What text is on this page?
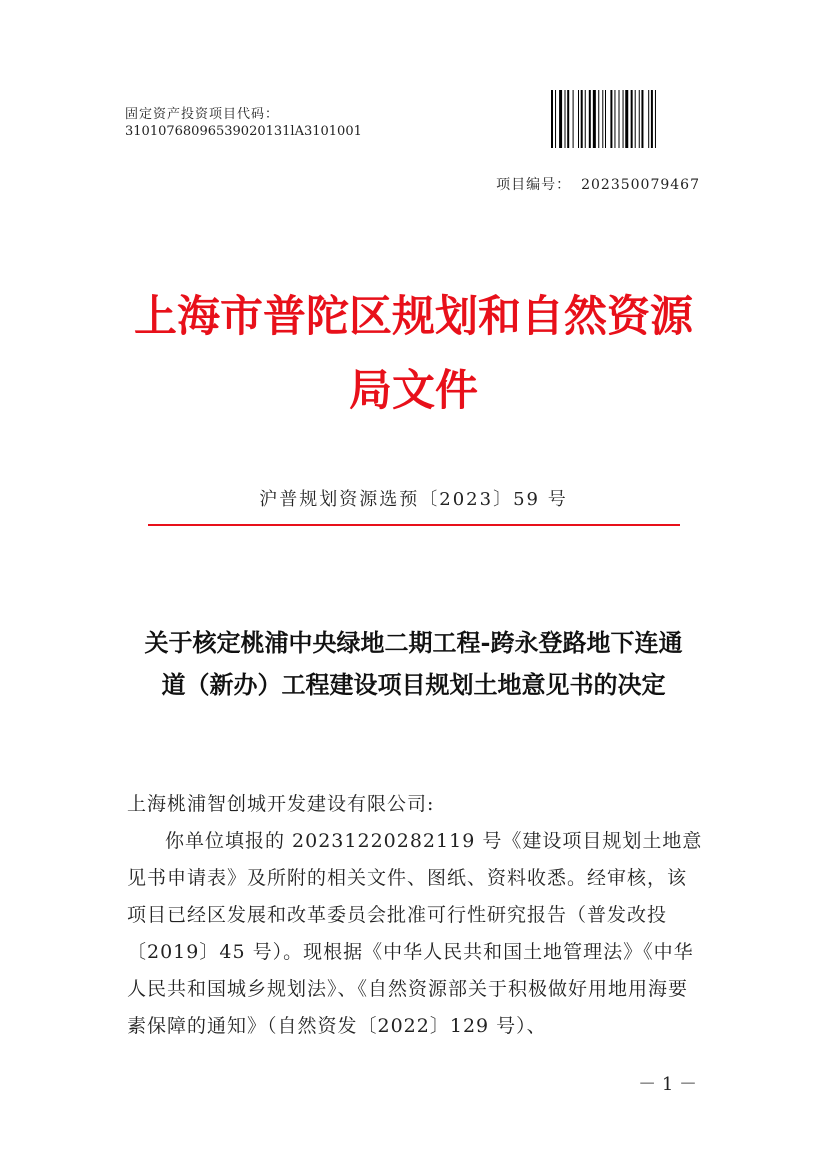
固定资产投资项目代码：
31010768096539020131lA3101001
项目编号： 202350079467
上海市普陀区规划和自然资源
局文件
沪普规划资源选预〔2023〕59 号
关于核定桃浦中央绿地二期工程-跨永登路地下连通
道（新办）工程建设项目规划土地意见书的决定

上海桃浦智创城开发建设有限公司:

你单位填报的 20231220282119 号《建设项目规划土地意见书申请表》及所附的相关文件、图纸、资料收悉。经审核，该项目已经区发展和改革委员会批准可行性研究报告（普发改投〔2019〕45 号）。现根据《中华人民共和国土地管理法》《中华人民共和国城乡规划法》、《自然资源部关于积极做好用地用海要素保障的通知》（自然资发〔2022〕129 号）、

－ 1 －
